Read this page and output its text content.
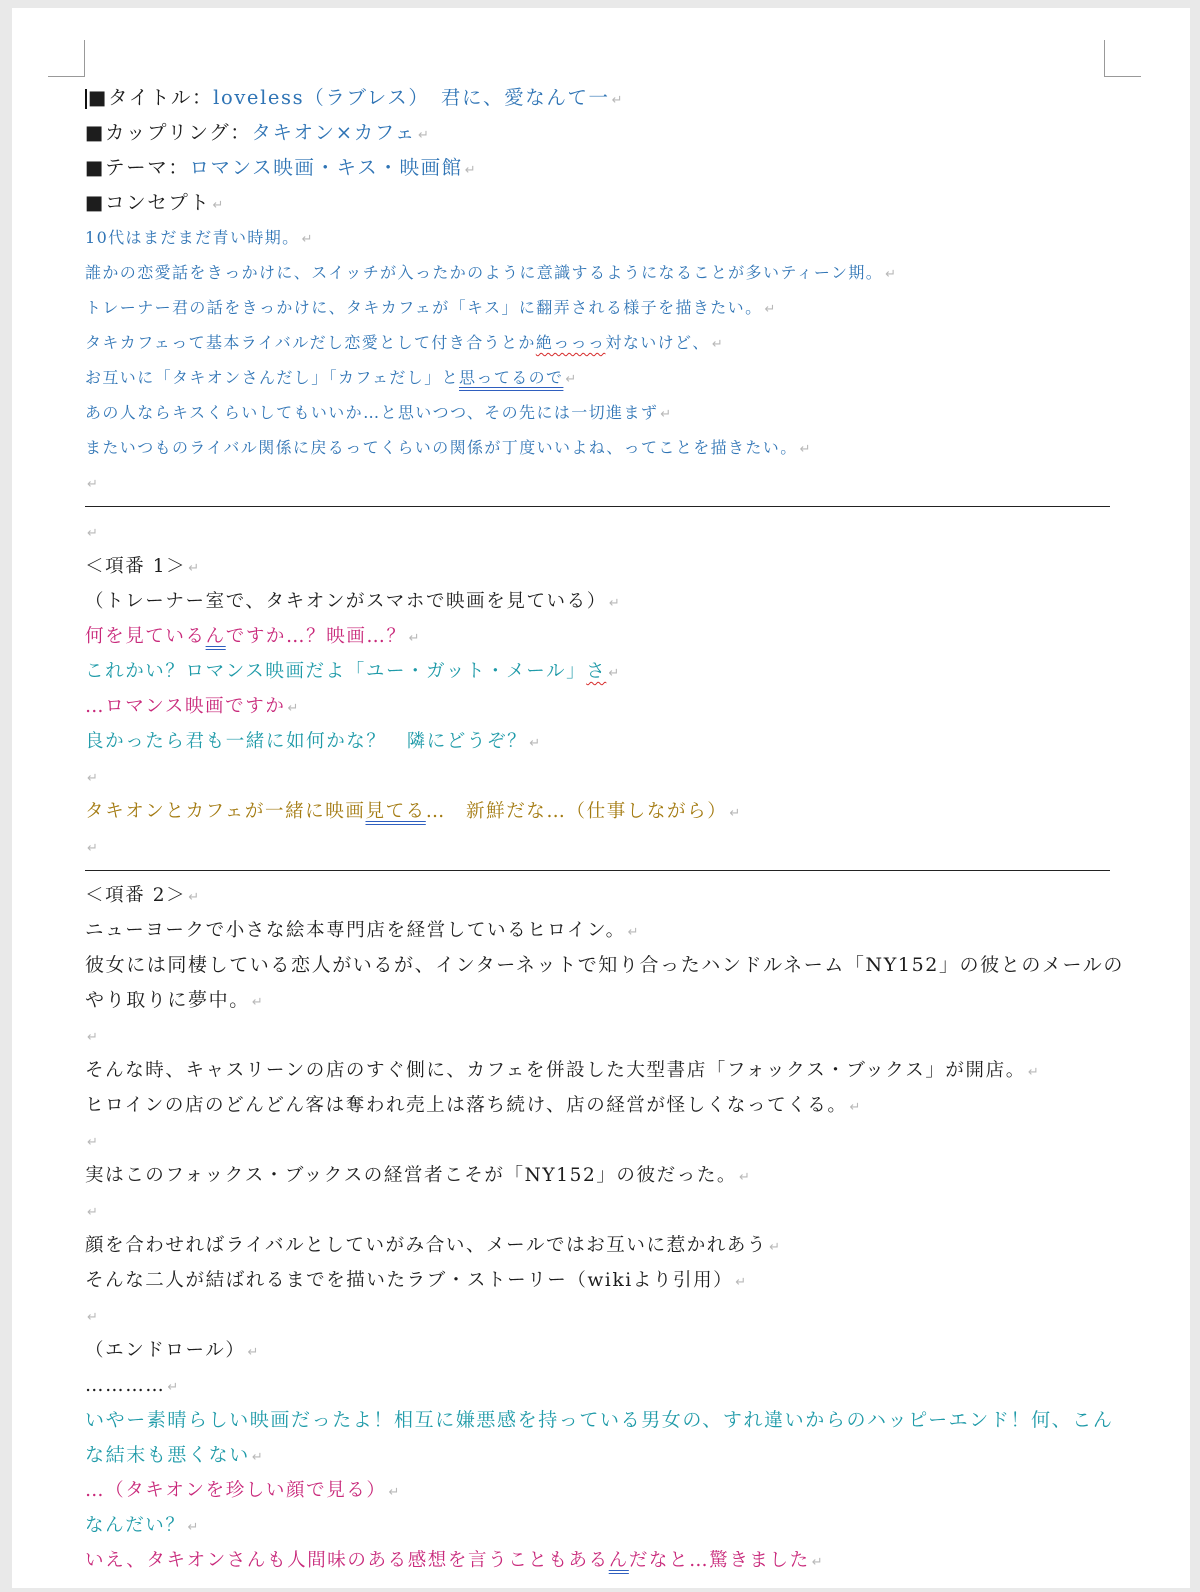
■タイトル：loveless（ラブレス）　君に、愛なんて一 ↵
■カップリング：タキオン×カフェ ↵
■テーマ：ロマンス映画・キス・映画館 ↵
■コンセプト ↵
10代はまだまだ青い時期。 ↵
誰かの恋愛話をきっかけに、スイッチが入ったかのように意識するようになることが多いティーン期。 ↵
トレーナー君の話をきっかけに、タキカフェが「キス」に翻弄される様子を描きたい。 ↵
タキカフェって基本ライバルだし恋愛として付き合うとか絶っっっ対ないけど、 ↵
お互いに「タキオンさんだし」「カフェだし」と思ってるので ↵
あの人ならキスくらいしてもいいか…と思いつつ、その先には一切進まず ↵
またいつものライバル関係に戻るってくらいの関係が丁度いいよね、ってことを描きたい。 ↵
↵
↵
＜項番 1＞ ↵
（トレーナー室で、タキオンがスマホで映画を見ている） ↵
何を見ているんですか…？映画…？ ↵
これかい？ロマンス映画だよ「ユー・ガット・メール」さ ↵
…ロマンス映画ですか ↵
良かったら君も一緒に如何かな？　隣にどうぞ？ ↵
↵
タキオンとカフェが一緒に映画見てる…　新鮮だな…（仕事しながら） ↵
↵
＜項番 2＞ ↵
ニューヨークで小さな絵本専門店を経営しているヒロイン。 ↵
彼女には同棲している恋人がいるが、インターネットで知り合ったハンドルネーム「NY152」の彼とのメールのやり取りに夢中。 ↵
↵
そんな時、キャスリーンの店のすぐ側に、カフェを併設した大型書店「フォックス・ブックス」が開店。 ↵
ヒロインの店のどんどん客は奪われ売上は落ち続け、店の経営が怪しくなってくる。 ↵
↵
実はこのフォックス・ブックスの経営者こそが「NY152」の彼だった。 ↵
↵
顔を合わせればライバルとしていがみ合い、メールではお互いに惹かれあう ↵
そんな二人が結ばれるまでを描いたラブ・ストーリー（wikiより引用） ↵
↵
（エンドロール） ↵
………… ↵
いやー素晴らしい映画だったよ！相互に嫌悪感を持っている男女の、すれ違いからのハッピーエンド！何、こんな結末も悪くない ↵
…（タキオンを珍しい顔で見る） ↵
なんだい？ ↵
いえ、タキオンさんも人間味のある感想を言うこともあるんだなと…驚きました ↵
